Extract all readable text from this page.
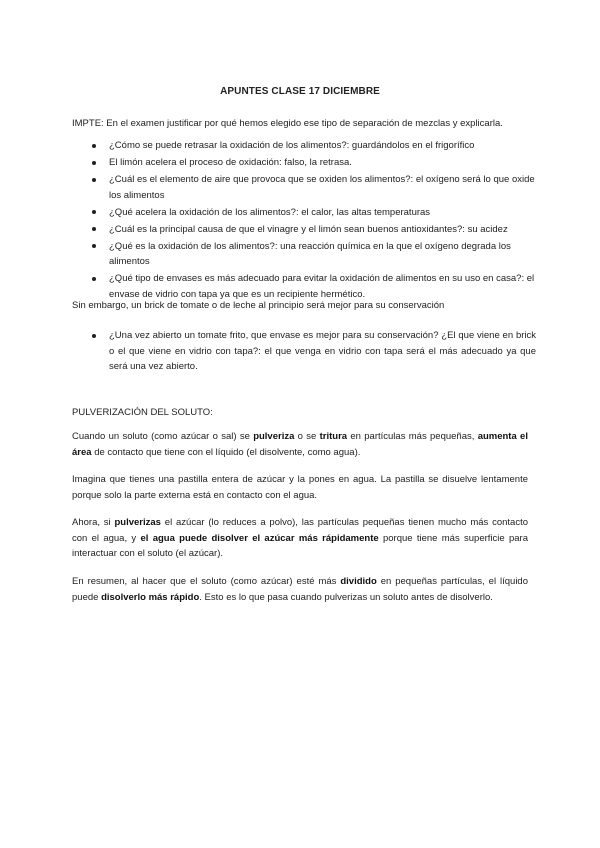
APUNTES CLASE 17 DICIEMBRE
IMPTE: En el examen justificar por qué hemos elegido ese tipo de separación de mezclas y explicarla.
¿Cómo se puede retrasar la oxidación de los alimentos?: guardándolos en el frigorífico
El limón acelera el proceso de oxidación: falso, la retrasa.
¿Cuál es el elemento de aire que provoca que se oxiden los alimentos?: el oxígeno será lo que oxide los alimentos
¿Qué acelera la oxidación de los alimentos?: el calor, las altas temperaturas
¿Cuál es la principal causa de que el vinagre y el limón sean buenos antioxidantes?: su acidez
¿Qué es la oxidación de los alimentos?: una reacción química en la que el oxígeno degrada los alimentos
¿Qué tipo de envases es más adecuado para evitar la oxidación de alimentos en su uso en casa?: el envase de vidrio con tapa ya que es un recipiente hermético.
Sin embargo, un brick de tomate o de leche al principio será mejor para su conservación
¿Una vez abierto un tomate frito, que envase es mejor para su conservación? ¿El que viene en brick o el que viene en vidrio con tapa?: el que venga en vidrio con tapa será el más adecuado ya que será una vez abierto.
PULVERIZACIÓN DEL SOLUTO:

Cuando un soluto (como azúcar o sal) se pulveriza o se tritura en partículas más pequeñas, aumenta el área de contacto que tiene con el líquido (el disolvente, como agua).

Imagina que tienes una pastilla entera de azúcar y la pones en agua. La pastilla se disuelve lentamente porque solo la parte externa está en contacto con el agua.

Ahora, si pulverizas el azúcar (lo reduces a polvo), las partículas pequeñas tienen mucho más contacto con el agua, y el agua puede disolver el azúcar más rápidamente porque tiene más superficie para interactuar con el soluto (el azúcar).

En resumen, al hacer que el soluto (como azúcar) esté más dividido en pequeñas partículas, el líquido puede disolverlo más rápido. Esto es lo que pasa cuando pulverizas un soluto antes de disolverlo.
